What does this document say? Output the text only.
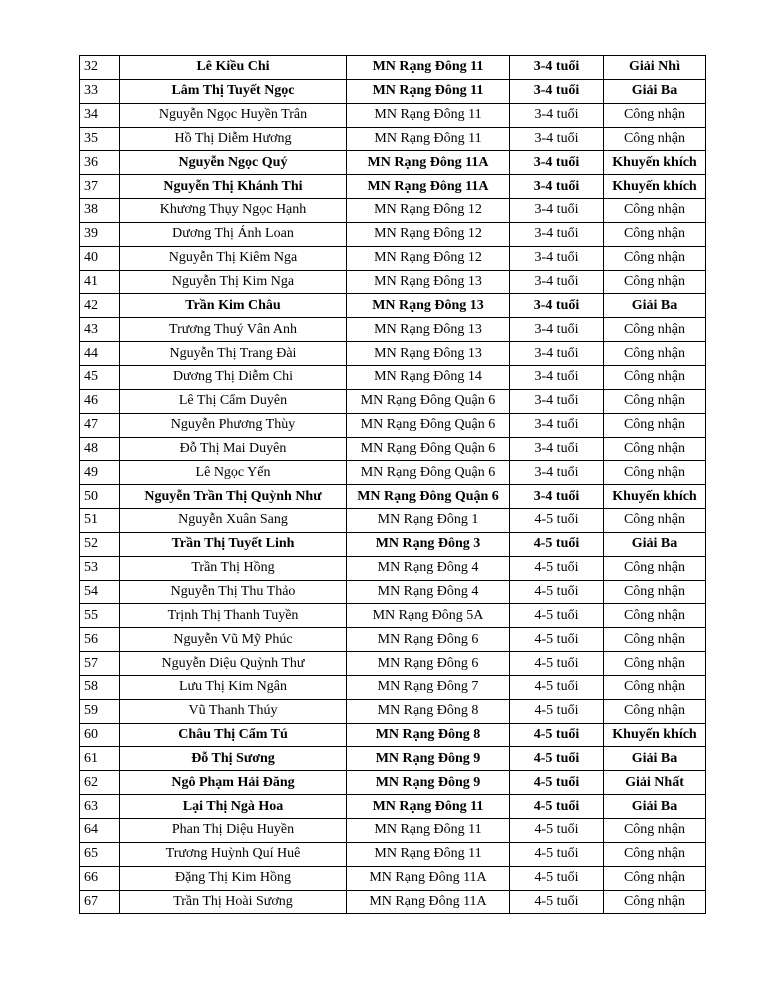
32	Lê Kiều Chi	MN Rạng Đông 11	3-4 tuổi	Giải Nhì
33	Lâm Thị Tuyết Ngọc	MN Rạng Đông 11	3-4 tuổi	Giải Ba
34	Nguyễn Ngọc Huyền Trân	MN Rạng Đông 11	3-4 tuổi	Công nhận
35	Hồ Thị Diễm Hương	MN Rạng Đông 11	3-4 tuổi	Công nhận
36	Nguyễn Ngọc Quý	MN Rạng Đông 11A	3-4 tuổi	Khuyến khích
37	Nguyễn Thị Khánh Thi	MN Rạng Đông 11A	3-4 tuổi	Khuyến khích
38	Khương Thụy Ngọc Hạnh	MN Rạng Đông 12	3-4 tuổi	Công nhận
39	Dương Thị Ánh Loan	MN Rạng Đông 12	3-4 tuổi	Công nhận
40	Nguyễn Thị Kiêm Nga	MN Rạng Đông 12	3-4 tuổi	Công nhận
41	Nguyễn Thị Kim Nga	MN Rạng Đông 13	3-4 tuổi	Công nhận
42	Trần Kim Châu	MN Rạng Đông 13	3-4 tuổi	Giải Ba
43	Trương Thuý Vân Anh	MN Rạng Đông 13	3-4 tuổi	Công nhận
44	Nguyễn Thị Trang Đài	MN Rạng Đông 13	3-4 tuổi	Công nhận
45	Dương Thị Diễm Chi	MN Rạng Đông 14	3-4 tuổi	Công nhận
46	Lê Thị Cẩm Duyên	MN Rạng Đông Quận 6	3-4 tuổi	Công nhận
47	Nguyễn Phương Thùy	MN Rạng Đông Quận 6	3-4 tuổi	Công nhận
48	Đỗ Thị Mai Duyên	MN Rạng Đông Quận 6	3-4 tuổi	Công nhận
49	Lê Ngọc Yến	MN Rạng Đông Quận 6	3-4 tuổi	Công nhận
50	Nguyễn Trần Thị Quỳnh Như	MN Rạng Đông Quận 6	3-4 tuổi	Khuyến khích
51	Nguyễn Xuân Sang	MN Rạng Đông 1	4-5 tuổi	Công nhận
52	Trần Thị Tuyết Linh	MN Rạng Đông 3	4-5 tuổi	Giải Ba
53	Trần Thị Hồng	MN Rạng Đông 4	4-5 tuổi	Công nhận
54	Nguyễn Thị Thu Thảo	MN Rạng Đông 4	4-5 tuổi	Công nhận
55	Trịnh Thị Thanh Tuyền	MN Rạng Đông 5A	4-5 tuổi	Công nhận
56	Nguyễn Vũ Mỹ Phúc	MN Rạng Đông 6	4-5 tuổi	Công nhận
57	Nguyễn Diệu Quỳnh Thư	MN Rạng Đông 6	4-5 tuổi	Công nhận
58	Lưu Thị Kim Ngân	MN Rạng Đông 7	4-5 tuổi	Công nhận
59	Vũ Thanh Thúy	MN Rạng Đông 8	4-5 tuổi	Công nhận
60	Châu Thị Cẩm Tú	MN Rạng Đông 8	4-5 tuổi	Khuyến khích
61	Đỗ Thị Sương	MN Rạng Đông 9	4-5 tuổi	Giải Ba
62	Ngô Phạm Hải Đăng	MN Rạng Đông 9	4-5 tuổi	Giải Nhất
63	Lại Thị Ngà Hoa	MN Rạng Đông 11	4-5 tuổi	Giải Ba
64	Phan Thị Diệu Huyền	MN Rạng Đông 11	4-5 tuổi	Công nhận
65	Trương Huỳnh Quí Huê	MN Rạng Đông 11	4-5 tuổi	Công nhận
66	Đặng Thị Kim Hồng	MN Rạng Đông 11A	4-5 tuổi	Công nhận
67	Trần Thị Hoài Sương	MN Rạng Đông 11A	4-5 tuổi	Công nhận
